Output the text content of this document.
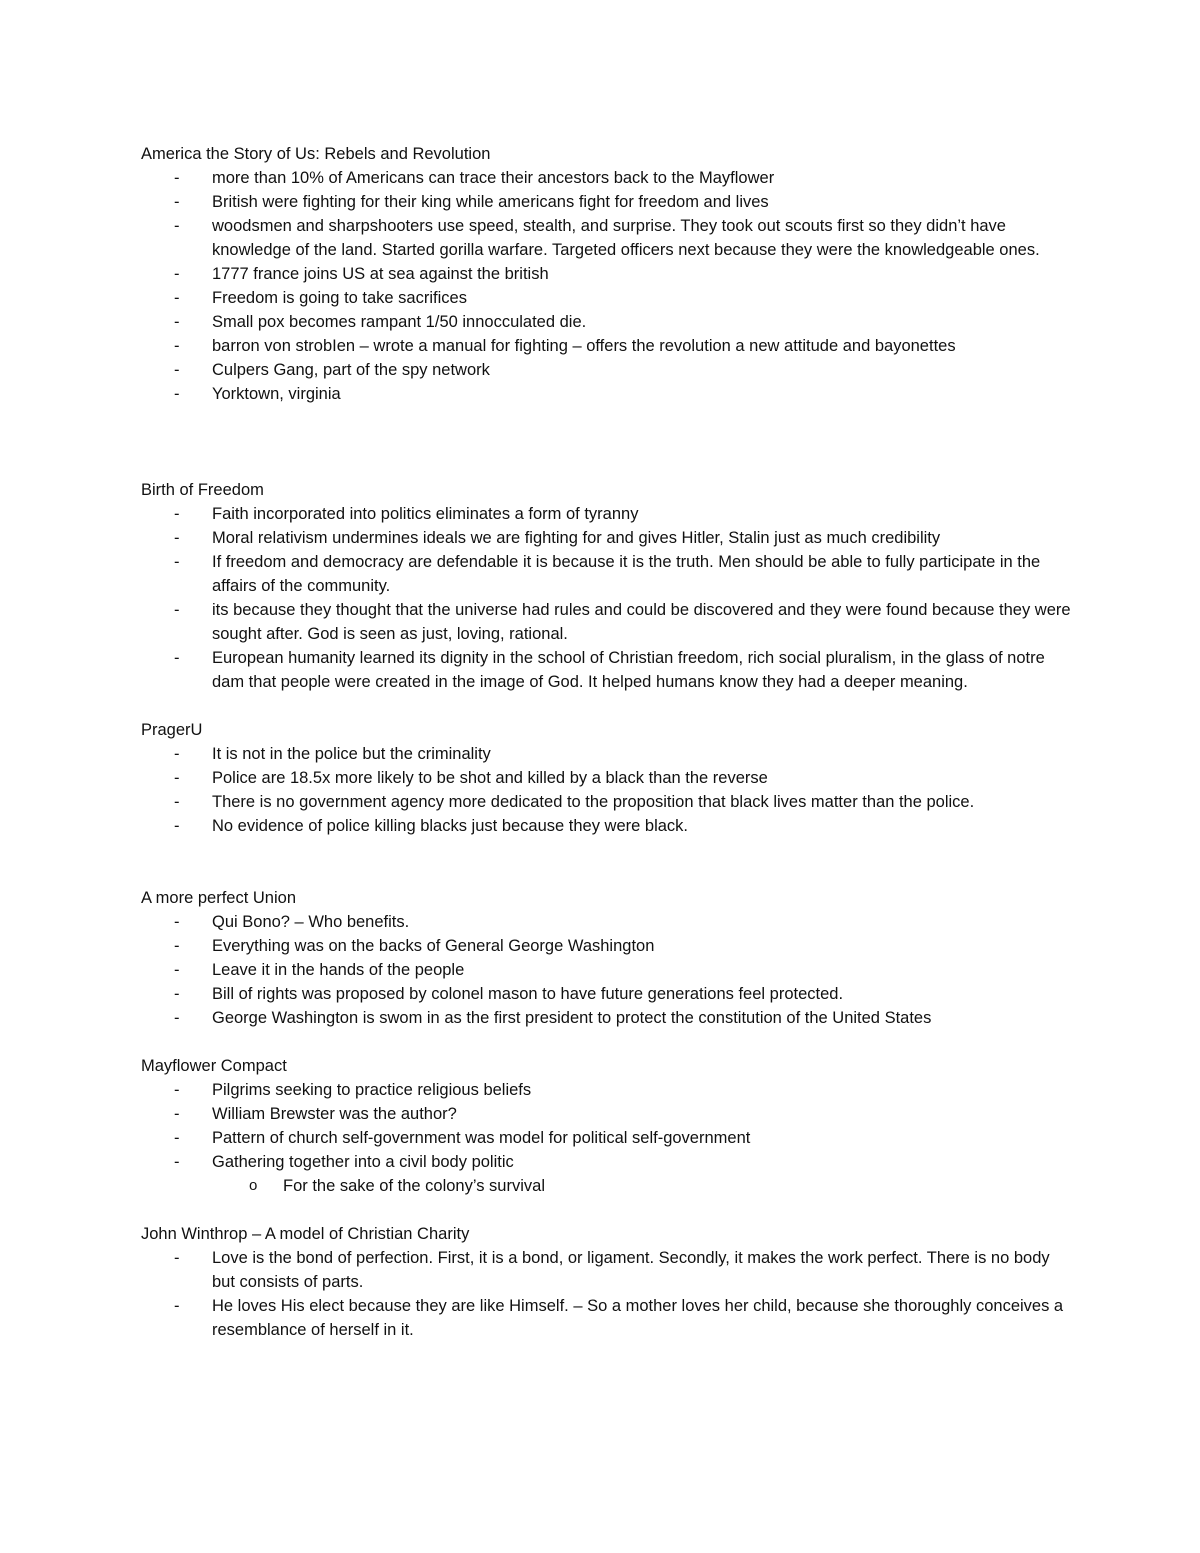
America the Story of Us: Rebels and Revolution
- more than 10% of Americans can trace their ancestors back to the Mayflower
- British were fighting for their king while americans fight for freedom and lives
- woodsmen and sharpshooters use speed, stealth, and surprise. They took out scouts first so they didn’t have knowledge of the land. Started gorilla warfare. Targeted officers next because they were the knowledgeable ones.
- 1777 france joins US at sea against the british
- Freedom is going to take sacrifices
- Small pox becomes rampant 1/50 innocculated die.
- barron von strobIen – wrote a manual for fighting – offers the revolution a new attitude and bayonettes
- Culpers Gang, part of the spy network
- Yorktown, virginia
Birth of Freedom
- Faith incorporated into politics eliminates a form of tyranny
- Moral relativism undermines ideals we are fighting for and gives Hitler, Stalin just as much credibility
- If freedom and democracy are defendable it is because it is the truth. Men should be able to fully participate in the affairs of the community.
- its because they thought that the universe had rules and could be discovered and they were found because they were sought after. God is seen as just, loving, rational.
- European humanity learned its dignity in the school of Christian freedom, rich social pluralism, in the glass of notre dam that people were created in the image of God. It helped humans know they had a deeper meaning.
PragerU
- It is not in the police but the criminality
- Police are 18.5x more likely to be shot and killed by a black than the reverse
- There is no government agency more dedicated to the proposition that black lives matter than the police.
- No evidence of police killing blacks just because they were black.
A more perfect Union
- Qui Bono? – Who benefits.
- Everything was on the backs of General George Washington
- Leave it in the hands of the people
- Bill of rights was proposed by colonel mason to have future generations feel protected.
- George Washington is swom in as the first president to protect the constitution of the United States
Mayflower Compact
- Pilgrims seeking to practice religious beliefs
- William Brewster was the author?
- Pattern of church self-government was model for political self-government
- Gathering together into a civil body politic
o For the sake of the colony’s survival
John Winthrop – A model of Christian Charity
- Love is the bond of perfection. First, it is a bond, or ligament. Secondly, it makes the work perfect. There is no body but consists of parts.
- He loves His elect because they are like Himself. – So a mother loves her child, because she thoroughly conceives a resemblance of herself in it.
